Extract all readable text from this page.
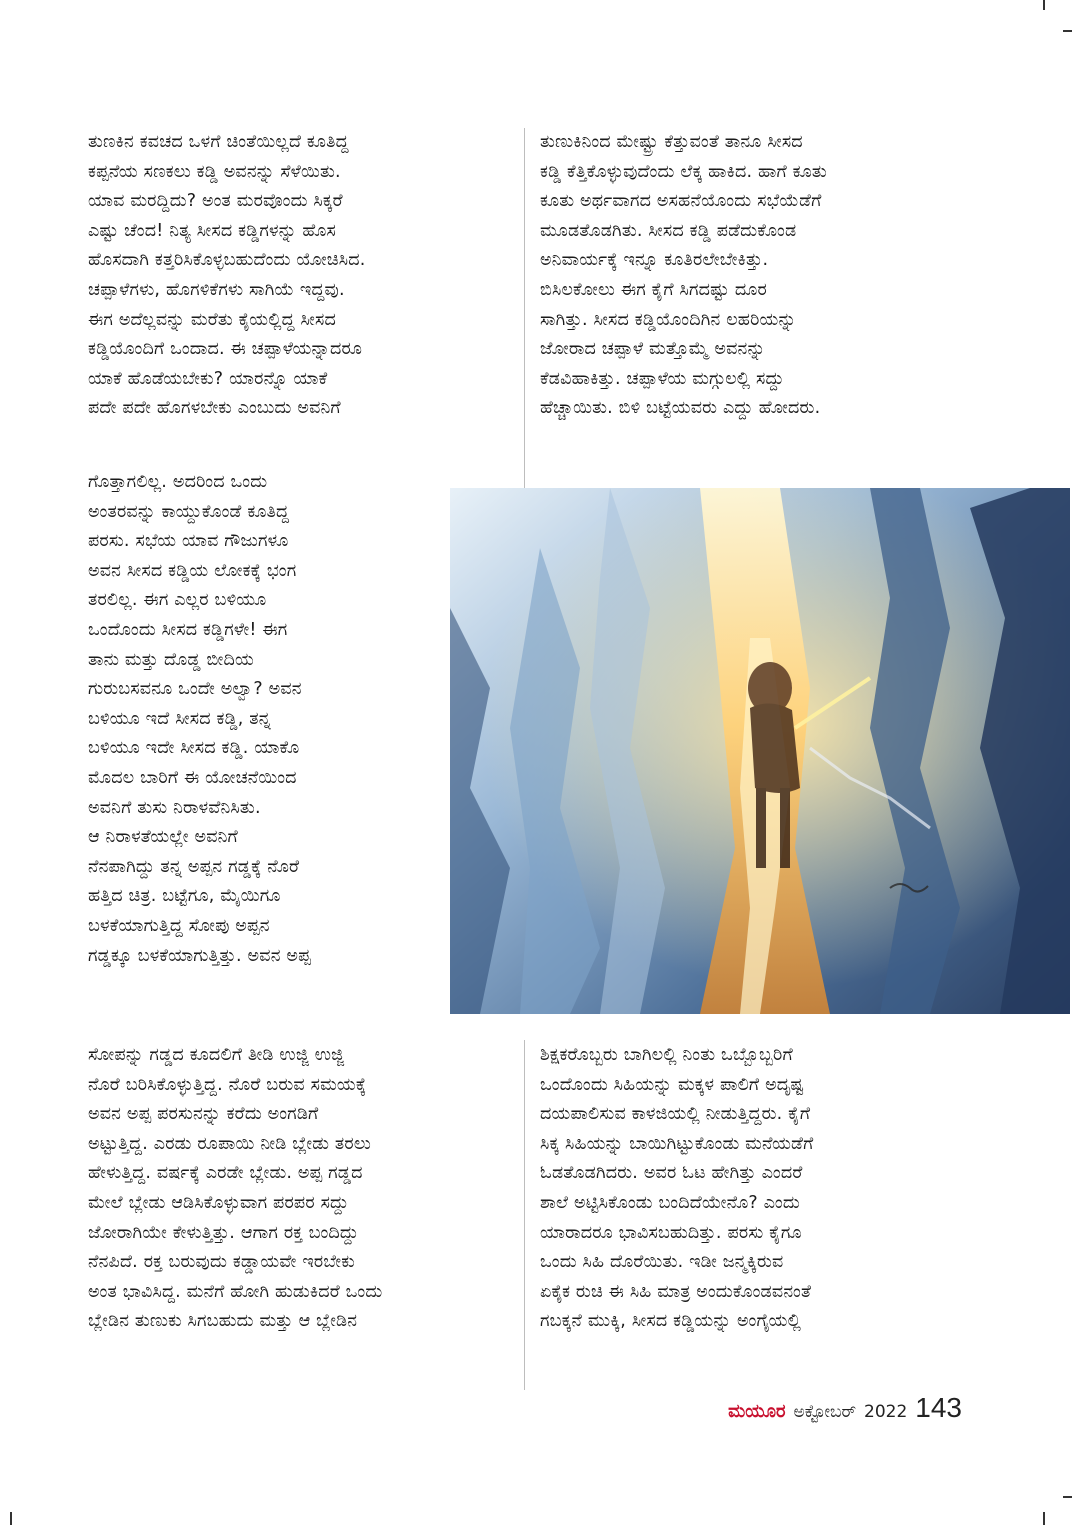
ತುಣಕಿನ ಕವಚದ ಒಳಗೆ ಚಿಂತೆಯಿಲ್ಲದೆ ಕೂತಿದ್ದ
ಕಪ್ಪನೆಯ ಸಣಕಲು ಕಡ್ಡಿ ಅವನನ್ನು ಸೆಳೆಯಿತು.
ಯಾವ ಮರದ್ದಿದು? ಅಂತ ಮರವೊಂದು ಸಿಕ್ಕರೆ
ಎಷ್ಟು ಚೆಂದ! ನಿತ್ಯ ಸೀಸದ ಕಡ್ಡಿಗಳನ್ನು ಹೊಸ
ಹೊಸದಾಗಿ ಕತ್ತರಿಸಿಕೊಳ್ಳಬಹುದೆಂದು ಯೋಚಿಸಿದ.
ಚಪ್ಪಾಳೆಗಳು, ಹೊಗಳಿಕೆಗಳು ಸಾಗಿಯೆ ಇದ್ದವು.
ಈಗ ಅದೆಲ್ಲವನ್ನು ಮರೆತು ಕೈಯಲ್ಲಿದ್ದ ಸೀಸದ
ಕಡ್ಡಿಯೊಂದಿಗೆ ಒಂದಾದ. ಈ ಚಪ್ಪಾಳೆಯನ್ನಾದರೂ
ಯಾಕೆ ಹೊಡೆಯಬೇಕು? ಯಾರನ್ನೊ ಯಾಕೆ
ಪದೇ ಪದೇ ಹೊಗಳಬೇಕು ಎಂಬುದು ಅವನಿಗೆ
ಗೊತ್ತಾಗಲಿಲ್ಲ. ಅದರಿಂದ ಒಂದು
ಅಂತರವನ್ನು ಕಾಯ್ದುಕೊಂಡೆ ಕೂತಿದ್ದ
ಪರಸು. ಸಭೆಯ ಯಾವ ಗೌಜುಗಳೂ
ಅವನ ಸೀಸದ ಕಡ್ಡಿಯ ಲೋಕಕ್ಕೆ ಭಂಗ
ತರಲಿಲ್ಲ. ಈಗ ಎಲ್ಲರ ಬಳಿಯೂ
ಒಂದೊಂದು ಸೀಸದ ಕಡ್ಡಿಗಳೇ! ಈಗ
ತಾನು ಮತ್ತು ದೊಡ್ಡ ಬೀದಿಯ
ಗುರುಬಸವನೂ ಒಂದೇ ಅಲ್ವಾ? ಅವನ
ಬಳಿಯೂ ಇದೆ ಸೀಸದ ಕಡ್ಡಿ, ತನ್ನ
ಬಳಿಯೂ ಇದೇ ಸೀಸದ ಕಡ್ಡಿ. ಯಾಕೊ
ಮೊದಲ ಬಾರಿಗೆ ಈ ಯೋಚನೆಯಿಂದ
ಅವನಿಗೆ ತುಸು ನಿರಾಳವೆನಿಸಿತು.
ಆ ನಿರಾಳತೆಯಲ್ಲೇ ಅವನಿಗೆ
ನೆನಪಾಗಿದ್ದು ತನ್ನ ಅಪ್ಪನ ಗಡ್ಡಕ್ಕೆ ನೊರೆ
ಹತ್ತಿದ ಚಿತ್ರ. ಬಟ್ಟೆಗೂ, ಮೈಯಿಗೂ
ಬಳಕೆಯಾಗುತ್ತಿದ್ದ ಸೋಪು ಅಪ್ಪನ
ಗಡ್ಡಕ್ಕೂ ಬಳಕೆಯಾಗುತ್ತಿತ್ತು. ಅವನ ಅಪ್ಪ
ಸೋಪನ್ನು ಗಡ್ಡದ ಕೂದಲಿಗೆ ತೀಡಿ ಉಜ್ಜಿ ಉಜ್ಜಿ
ನೊರೆ ಬರಿಸಿಕೊಳ್ಳುತ್ತಿದ್ದ. ನೊರೆ ಬರುವ ಸಮಯಕ್ಕೆ
ಅವನ ಅಪ್ಪ ಪರಸುನನ್ನು ಕರೆದು ಅಂಗಡಿಗೆ
ಅಟ್ಟುತ್ತಿದ್ದ. ಎರಡು ರೂಪಾಯಿ ನೀಡಿ ಬ್ಲೇಡು ತರಲು
ಹೇಳುತ್ತಿದ್ದ. ವರ್ಷಕ್ಕೆ ಎರಡೇ ಬ್ಲೇಡು. ಅಪ್ಪ ಗಡ್ಡದ
ಮೇಲೆ ಬ್ಲೇಡು ಆಡಿಸಿಕೊಳ್ಳುವಾಗ ಪರಪರ ಸದ್ದು
ಜೋರಾಗಿಯೇ ಕೇಳುತ್ತಿತ್ತು. ಆಗಾಗ ರಕ್ತ ಬಂದಿದ್ದು
ನೆನಪಿದೆ. ರಕ್ತ ಬರುವುದು ಕಡ್ಡಾಯವೇ ಇರಬೇಕು
ಅಂತ ಭಾವಿಸಿದ್ದ. ಮನೆಗೆ ಹೋಗಿ ಹುಡುಕಿದರೆ ಒಂದು
ಬ್ಲೇಡಿನ ತುಣುಕು ಸಿಗಬಹುದು ಮತ್ತು ಆ ಬ್ಲೇಡಿನ
ತುಣುಕಿನಿಂದ ಮೇಷ್ಟ್ರು ಕೆತ್ತುವಂತೆ ತಾನೂ ಸೀಸದ
ಕಡ್ಡಿ ಕೆತ್ತಿಕೊಳ್ಳುವುದೆಂದು ಲೆಕ್ಕ ಹಾಕಿದ. ಹಾಗೆ ಕೂತು
ಕೂತು ಅರ್ಥವಾಗದ ಅಸಹನೆಯೊಂದು ಸಭೆಯೆಡೆಗೆ
ಮೂಡತೊಡಗಿತು. ಸೀಸದ ಕಡ್ಡಿ ಪಡೆದುಕೊಂಡ
ಅನಿವಾರ್ಯಕ್ಕೆ ಇನ್ನೂ ಕೂತಿರಲೇಬೇಕಿತ್ತು.
ಬಿಸಿಲಕೋಲು ಈಗ ಕೈಗೆ ಸಿಗದಷ್ಟು ದೂರ
ಸಾಗಿತ್ತು. ಸೀಸದ ಕಡ್ಡಿಯೊಂದಿಗಿನ ಲಹರಿಯನ್ನು
ಜೋರಾದ ಚಪ್ಪಾಳೆ ಮತ್ತೊಮ್ಮೆ ಅವನನ್ನು
ಕೆಡವಿಹಾಕಿತ್ತು. ಚಪ್ಪಾಳೆಯ ಮಗ್ಗುಲಲ್ಲಿ ಸದ್ದು
ಹೆಚ್ಚಾಯಿತು. ಬಿಳಿ ಬಟ್ಟೆಯವರು ಎದ್ದು ಹೋದರು.
ಶಿಕ್ಷಕರೊಬ್ಬರು ಬಾಗಿಲಲ್ಲಿ ನಿಂತು ಒಬ್ಬೊಬ್ಬರಿಗೆ
ಒಂದೊಂದು ಸಿಹಿಯನ್ನು ಮಕ್ಕಳ ಪಾಲಿಗೆ ಅದೃಷ್ಟ
ದಯಪಾಲಿಸುವ ಕಾಳಜಿಯಲ್ಲಿ ನೀಡುತ್ತಿದ್ದರು. ಕೈಗೆ
ಸಿಕ್ಕ ಸಿಹಿಯನ್ನು ಬಾಯಿಗಿಟ್ಟುಕೊಂಡು ಮನೆಯಡೆಗೆ
ಓಡತೊಡಗಿದರು. ಅವರ ಓಟ ಹೇಗಿತ್ತು ಎಂದರೆ
ಶಾಲೆ ಅಟ್ಟಿಸಿಕೊಂಡು ಬಂದಿದೆಯೇನೊ? ಎಂದು
ಯಾರಾದರೂ ಭಾವಿಸಬಹುದಿತ್ತು. ಪರಸು ಕೈಗೂ
ಒಂದು ಸಿಹಿ ದೊರೆಯಿತು. ಇಡೀ ಜನ್ಮಕ್ಕಿರುವ
ಏಕೈಕ ರುಚಿ ಈ ಸಿಹಿ ಮಾತ್ರ ಅಂದುಕೊಂಡವನಂತೆ
ಗಬಕ್ಕನೆ ಮುಕ್ಕಿ, ಸೀಸದ ಕಡ್ಡಿಯನ್ನು ಅಂಗೈಯಲ್ಲಿ
ಮಯೂರ ಅಕ್ಟೋಬರ್ 2022 143
